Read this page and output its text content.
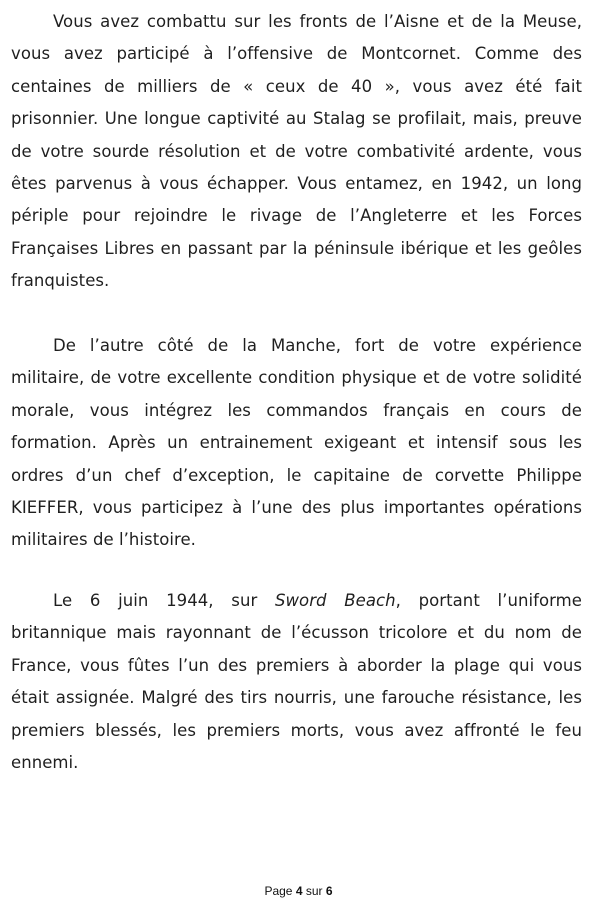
Vous avez combattu sur les fronts de l’Aisne et de la Meuse, vous avez participé à l’offensive de Montcornet. Comme des centaines de milliers de « ceux de 40 », vous avez été fait prisonnier. Une longue captivité au Stalag se profilait, mais, preuve de votre sourde résolution et de votre combativité ardente, vous êtes parvenus à vous échapper. Vous entamez, en 1942, un long périple pour rejoindre le rivage de l’Angleterre et les Forces Françaises Libres en passant par la péninsule ibérique et les geôles franquistes.

De l’autre côté de la Manche, fort de votre expérience militaire, de votre excellente condition physique et de votre solidité morale, vous intégrez les commandos français en cours de formation. Après un entrainement exigeant et intensif sous les ordres d’un chef d’exception, le capitaine de corvette Philippe KIEFFER, vous participez à l’une des plus importantes opérations militaires de l’histoire.

Le 6 juin 1944, sur Sword Beach, portant l’uniforme britannique mais rayonnant de l’écusson tricolore et du nom de France, vous fûtes l’un des premiers à aborder la plage qui vous était assignée. Malgré des tirs nourris, une farouche résistance, les premiers blessés, les premiers morts, vous avez affronté le feu ennemi.

Page 4 sur 6
